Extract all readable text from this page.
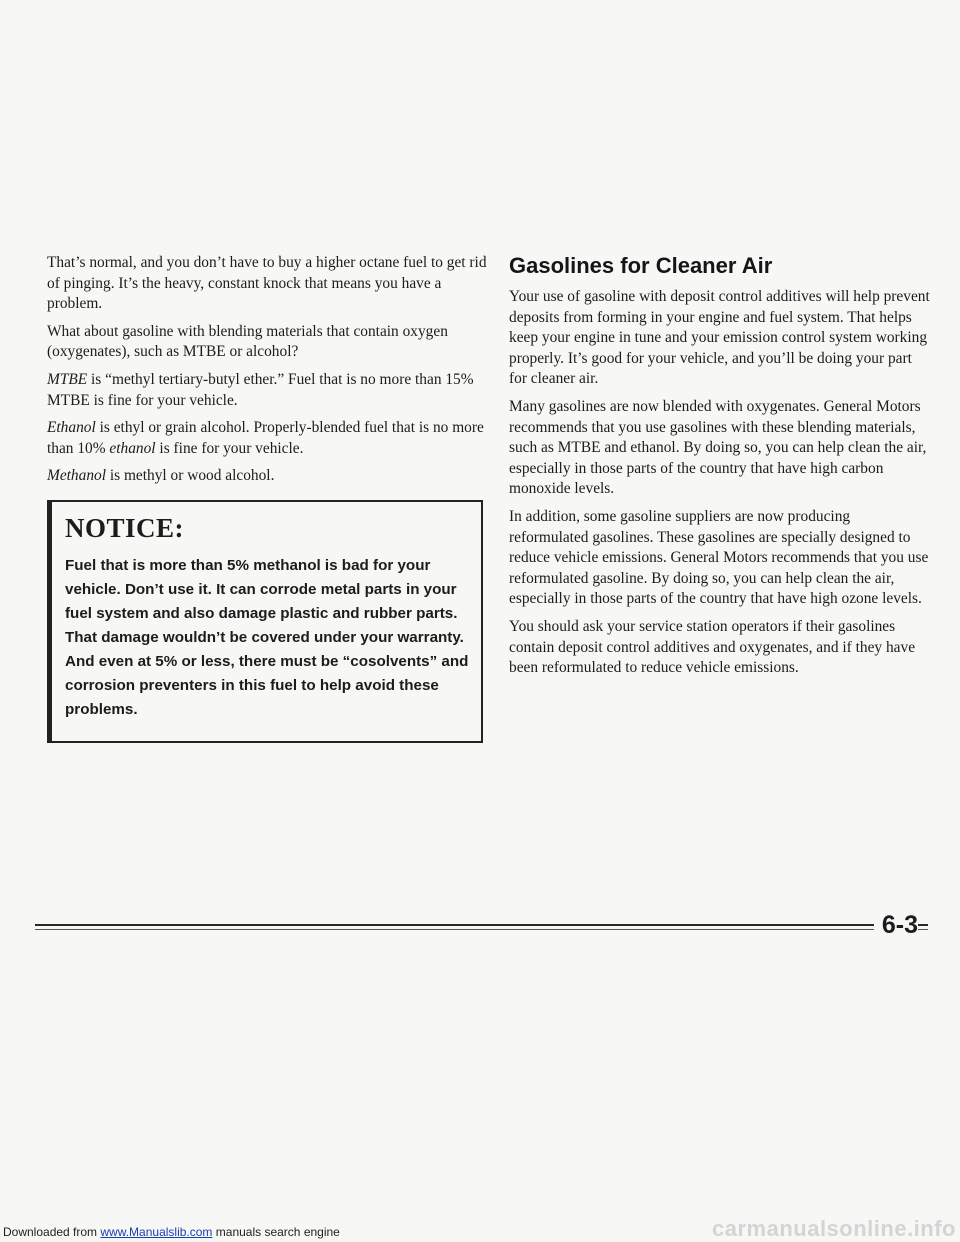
That’s normal, and you don’t have to buy a higher octane fuel to get rid of pinging. It’s the heavy, constant knock that means you have a problem.

What about gasoline with blending materials that contain oxygen (oxygenates), such as MTBE or alcohol?

MTBE is “methyl tertiary-butyl ether.” Fuel that is no more than 15% MTBE is fine for your vehicle.

Ethanol is ethyl or grain alcohol. Properly-blended fuel that is no more than 10% ethanol is fine for your vehicle.

Methanol is methyl or wood alcohol.

NOTICE:

Fuel that is more than 5% methanol is bad for your vehicle. Don’t use it. It can corrode metal parts in your fuel system and also damage plastic and rubber parts. That damage wouldn’t be covered under your warranty. And even at 5% or less, there must be “cosolvents” and corrosion preventers in this fuel to help avoid these problems.

Gasolines for Cleaner Air

Your use of gasoline with deposit control additives will help prevent deposits from forming in your engine and fuel system. That helps keep your engine in tune and your emission control system working properly. It’s good for your vehicle, and you’ll be doing your part for cleaner air.

Many gasolines are now blended with oxygenates. General Motors recommends that you use gasolines with these blending materials, such as MTBE and ethanol. By doing so, you can help clean the air, especially in those parts of the country that have high carbon monoxide levels.

In addition, some gasoline suppliers are now producing reformulated gasolines. These gasolines are specially designed to reduce vehicle emissions. General Motors recommends that you use reformulated gasoline. By doing so, you can help clean the air, especially in those parts of the country that have high ozone levels.

You should ask your service station operators if their gasolines contain deposit control additives and oxygenates, and if they have been reformulated to reduce vehicle emissions.

6-3
Downloaded from www.Manualslib.com manuals search engine	carmanualsonline.info
